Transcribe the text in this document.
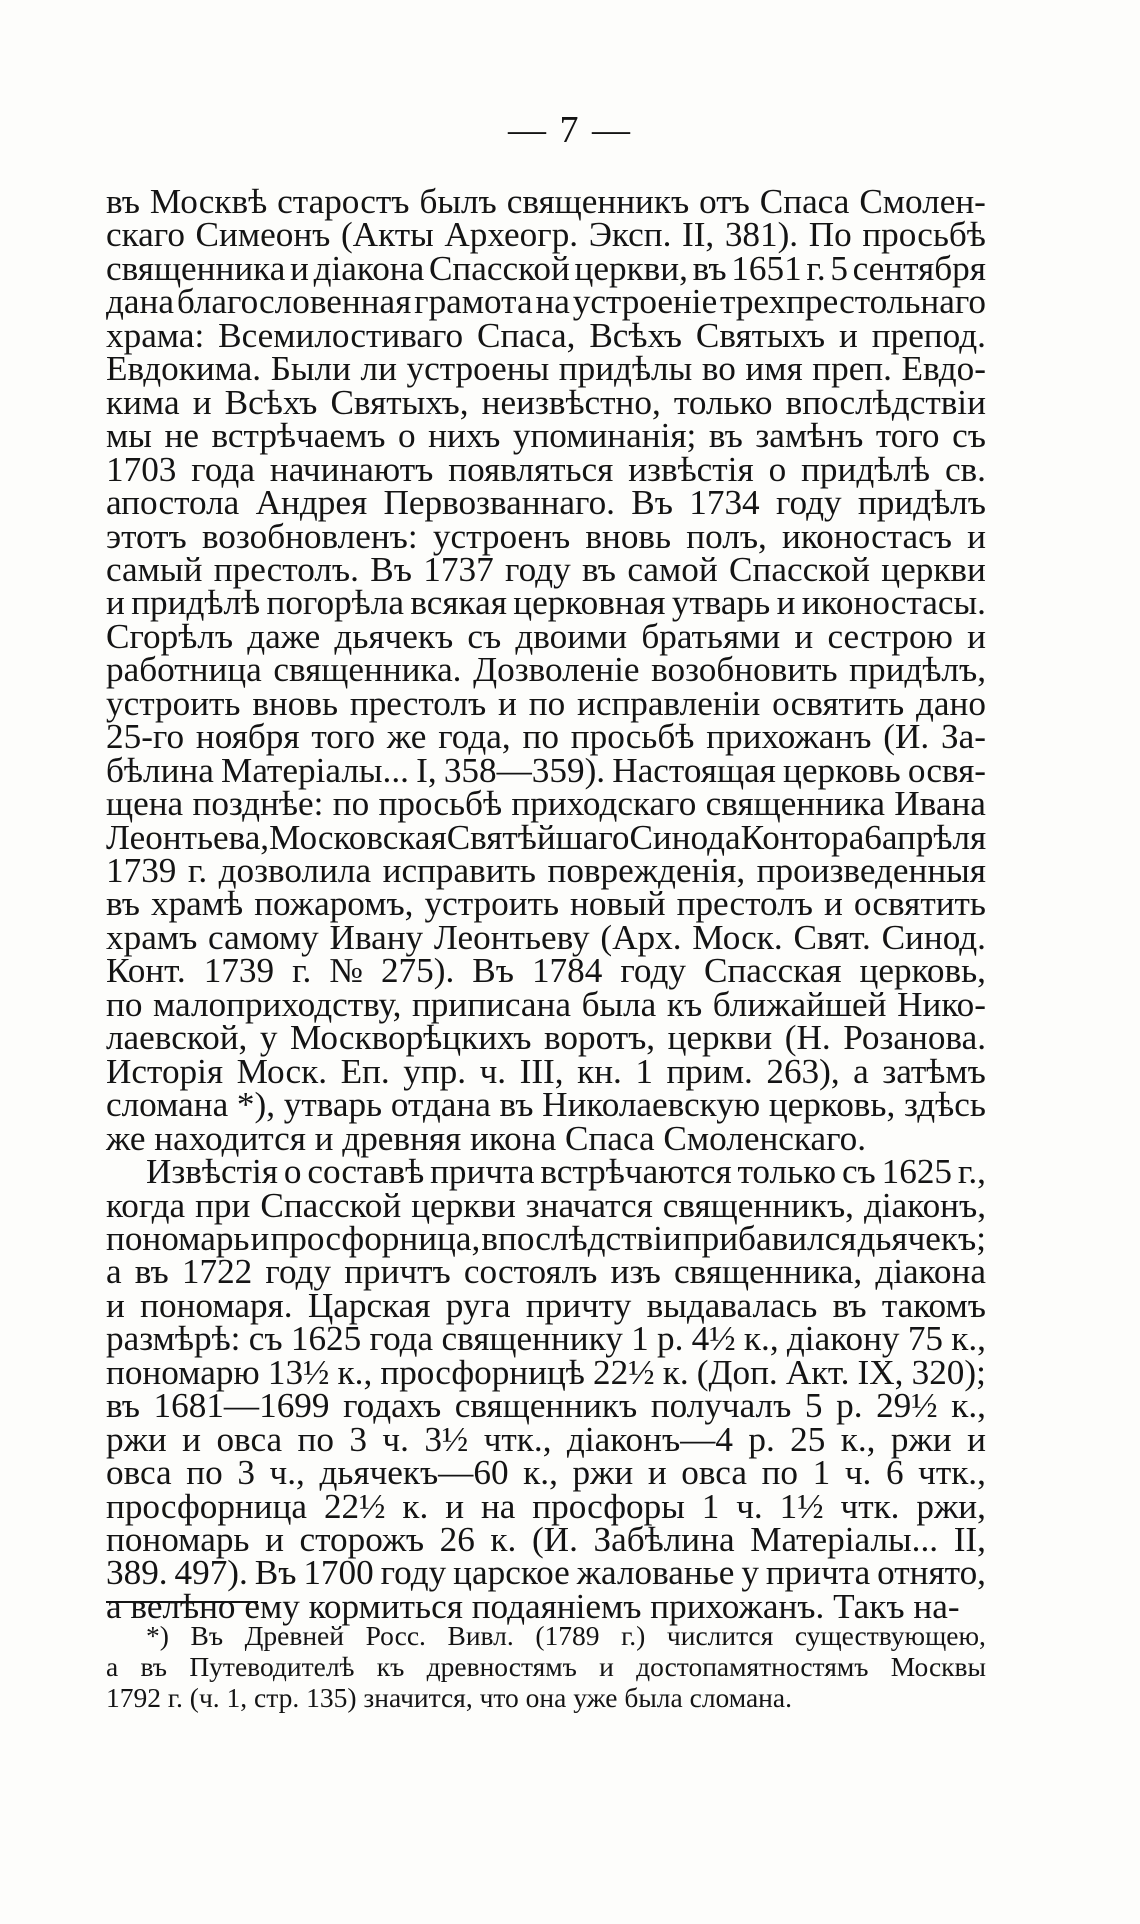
— 7 —
въ Москвѣ старостъ былъ священникъ отъ Спаса Смолен-
скаго Симеонъ (Акты Археогр. Эксп. II, 381). По просьбѣ
священника и діакона Спасской церкви, въ 1651 г. 5 сентября
дана благословенная грамота на устроеніе трехпрестольнаго
храма: Всемилостиваго Спаса, Всѣхъ Святыхъ и препод.
Евдокима. Были ли устроены придѣлы во имя преп. Евдо-
кима и Всѣхъ Святыхъ, неизвѣстно, только впослѣдствіи
мы не встрѣчаемъ о нихъ упоминанія; въ замѣнъ того съ
1703 года начинаютъ появляться извѣстія о придѣлѣ св.
апостола Андрея Первозваннаго. Въ 1734 году придѣлъ
этотъ возобновленъ: устроенъ вновь полъ, иконостасъ и
самый престолъ. Въ 1737 году въ самой Спасской церкви
и придѣлѣ погорѣла всякая церковная утварь и иконостасы.
Сгорѣлъ даже дьячекъ съ двоими братьями и сестрою и
работница священника. Дозволеніе возобновить придѣлъ,
устроить вновь престолъ и по исправленіи освятить дано
25-го ноября того же года, по просьбѣ прихожанъ (И. За-
бѣлина Матеріалы... I, 358—359). Настоящая церковь освя-
щена позднѣе: по просьбѣ приходскаго священника Ивана
Леонтьева, Московская Святѣйшаго Синода Контора 6 апрѣля
1739 г. дозволила исправить поврежденія, произведенныя
въ храмѣ пожаромъ, устроить новый престолъ и освятить
храмъ самому Ивану Леонтьеву (Арх. Моск. Свят. Синод.
Конт. 1739 г. № 275). Въ 1784 году Спасская церковь,
по малоприходству, приписана была къ ближайшей Нико-
лаевской, у Москворѣцкихъ воротъ, церкви (Н. Розанова.
Исторія Моск. Еп. упр. ч. III, кн. 1 прим. 263), а затѣмъ
сломана *), утварь отдана въ Николаевскую церковь, здѣсь
же находится и древняя икона Спаса Смоленскаго.
Извѣстія о составѣ причта встрѣчаются только съ 1625 г.,
когда при Спасской церкви значатся священникъ, діаконъ,
пономарь и просфорница, впослѣдствіи прибавился дьячекъ;
а въ 1722 году причтъ состоялъ изъ священника, діакона
и пономаря. Царская руга причту выдавалась въ такомъ
размѣрѣ: съ 1625 года священнику 1 р. 4½ к., діакону 75 к.,
пономарю 13½ к., просфорницѣ 22½ к. (Доп. Акт. IX, 320);
въ 1681—1699 годахъ священникъ получалъ 5 р. 29½ к.,
ржи и овса по 3 ч. 3½ чтк., діаконъ—4 р. 25 к., ржи и
овса по 3 ч., дьячекъ—60 к., ржи и овса по 1 ч. 6 чтк.,
просфорница 22½ к. и на просфоры 1 ч. 1½ чтк. ржи,
пономарь и сторожъ 26 к. (И. Забѣлина Матеріалы... II,
389. 497). Въ 1700 году царское жалованье у причта отнято,
а велѣно ему кормиться подаяніемъ прихожанъ. Такъ на-
*) Въ Древней Росс. Вивл. (1789 г.) числится существующею,
а въ Путеводителѣ къ древностямъ и достопамятностямъ Москвы
1792 г. (ч. 1, стр. 135) значится, что она уже была сломана.
